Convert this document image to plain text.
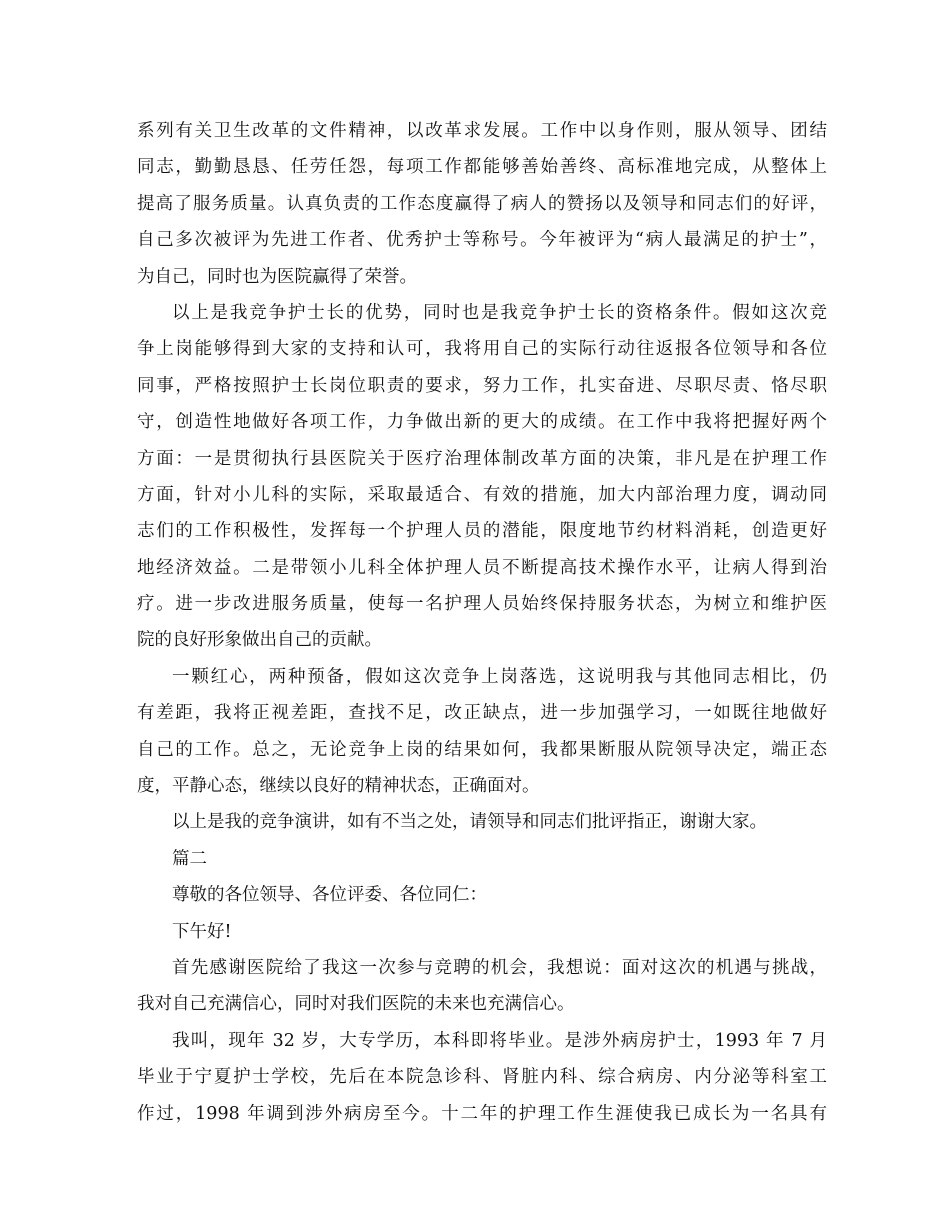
系列有关卫生改革的文件精神，以改革求发展。工作中以身作则，服从领导、团结
同志，勤勤恳恳、任劳任怨，每项工作都能够善始善终、高标准地完成，从整体上
提高了服务质量。认真负责的工作态度赢得了病人的赞扬以及领导和同志们的好评，
自己多次被评为先进工作者、优秀护士等称号。今年被评为“病人最满足的护士”，
为自己，同时也为医院赢得了荣誉。
以上是我竞争护士长的优势，同时也是我竞争护士长的资格条件。假如这次竞
争上岗能够得到大家的支持和认可，我将用自己的实际行动往返报各位领导和各位
同事，严格按照护士长岗位职责的要求，努力工作，扎实奋进、尽职尽责、恪尽职
守，创造性地做好各项工作，力争做出新的更大的成绩。在工作中我将把握好两个
方面：一是贯彻执行县医院关于医疗治理体制改革方面的决策，非凡是在护理工作
方面，针对小儿科的实际，采取最适合、有效的措施，加大内部治理力度，调动同
志们的工作积极性，发挥每一个护理人员的潜能，限度地节约材料消耗，创造更好
地经济效益。二是带领小儿科全体护理人员不断提高技术操作水平，让病人得到治
疗。进一步改进服务质量，使每一名护理人员始终保持服务状态，为树立和维护医
院的良好形象做出自己的贡献。
一颗红心，两种预备，假如这次竞争上岗落选，这说明我与其他同志相比，仍
有差距，我将正视差距，查找不足，改正缺点，进一步加强学习，一如既往地做好
自己的工作。总之，无论竞争上岗的结果如何，我都果断服从院领导决定，端正态
度，平静心态，继续以良好的精神状态，正确面对。
以上是我的竞争演讲，如有不当之处，请领导和同志们批评指正，谢谢大家。
篇二
尊敬的各位领导、各位评委、各位同仁：
下午好!
首先感谢医院给了我这一次参与竞聘的机会，我想说：面对这次的机遇与挑战，
我对自己充满信心，同时对我们医院的未来也充满信心。
我叫，现年 32 岁，大专学历，本科即将毕业。是涉外病房护士，1993 年 7 月
毕业于宁夏护士学校，先后在本院急诊科、肾脏内科、综合病房、内分泌等科室工
作过，1998 年调到涉外病房至今。十二年的护理工作生涯使我已成长为一名具有
